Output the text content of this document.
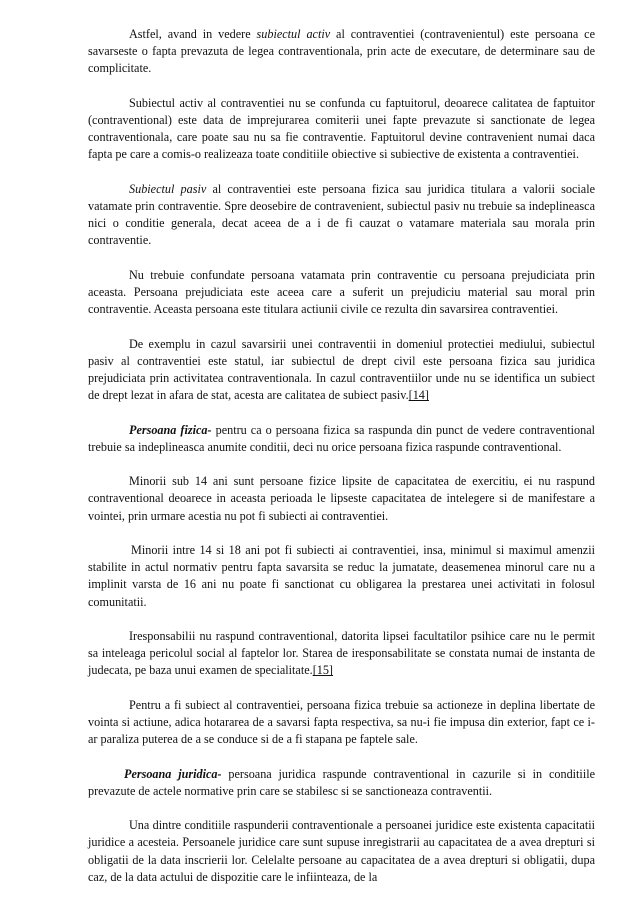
Astfel, avand in vedere subiectul activ al contraventiei (contravenientul) este persoana ce savarseste o fapta prevazuta de legea contraventionala, prin acte de executare, de determinare sau de complicitate.

Subiectul activ al contraventiei nu se confunda cu faptuitorul, deoarece calitatea de faptuitor (contraventional) este data de imprejurarea comiterii unei fapte prevazute si sanctionate de legea contraventionala, care poate sau nu sa fie contraventie. Faptuitorul devine contravenient numai daca fapta pe care a comis-o realizeaza toate conditiile obiective si subiective de existenta a contraventiei.

Subiectul pasiv al contraventiei este persoana fizica sau juridica titulara a valorii sociale vatamate prin contraventie. Spre deosebire de contravenient, subiectul pasiv nu trebuie sa indeplineasca nici o conditie generala, decat aceea de a i de fi cauzat o vatamare materiala sau morala prin contraventie.

Nu trebuie confundate persoana vatamata prin contraventie cu persoana prejudiciata prin aceasta. Persoana prejudiciata este aceea care a suferit un prejudiciu material sau moral prin contraventie. Aceasta persoana este titulara actiunii civile ce rezulta din savarsirea contraventiei.

De exemplu in cazul savarsirii unei contraventii in domeniul protectiei mediului, subiectul pasiv al contraventiei este statul, iar subiectul de drept civil este persoana fizica sau juridica prejudiciata prin activitatea contraventionala. In cazul contraventiilor unde nu se identifica un subiect de drept lezat in afara de stat, acesta are calitatea de subiect pasiv.[14]

Persoana fizica- pentru ca o persoana fizica sa raspunda din punct de vedere contraventional trebuie sa indeplineasca anumite conditii, deci nu orice persoana fizica raspunde contraventional.

Minorii sub 14 ani sunt persoane fizice lipsite de capacitatea de exercitiu, ei nu raspund contraventional deoarece in aceasta perioada le lipseste capacitatea de intelegere si de manifestare a vointei, prin urmare acestia nu pot fi subiecti ai contraventiei.

Minorii intre 14 si 18 ani pot fi subiecti ai contraventiei, insa, minimul si maximul amenzii stabilite in actul normativ pentru fapta savarsita se reduc la jumatate, deasemenea minorul care nu a implinit varsta de 16 ani nu poate fi sanctionat cu obligarea la prestarea unei activitati in folosul comunitatii.

Iresponsabilii nu raspund contraventional, datorita lipsei facultatilor psihice care nu le permit sa inteleaga pericolul social al faptelor lor. Starea de iresponsabilitate se constata numai de instanta de judecata, pe baza unui examen de specialitate.[15]

Pentru a fi subiect al contraventiei, persoana fizica trebuie sa actioneze in deplina libertate de vointa si actiune, adica hotararea de a savarsi fapta respectiva, sa nu-i fie impusa din exterior, fapt ce i-ar paraliza puterea de a se conduce si de a fi stapana pe faptele sale.

Persoana juridica- persoana juridica raspunde contraventional in cazurile si in conditiile prevazute de actele normative prin care se stabilesc si se sanctioneaza contraventii.

Una dintre conditiile raspunderii contraventionale a persoanei juridice este existenta capacitatii juridice a acesteia. Persoanele juridice care sunt supuse inregistrarii au capacitatea de a avea drepturi si obligatii de la data inscrierii lor. Celelalte persoane au capacitatea de a avea drepturi si obligatii, dupa caz, de la data actului de dispozitie care le infiinteaza, de la
